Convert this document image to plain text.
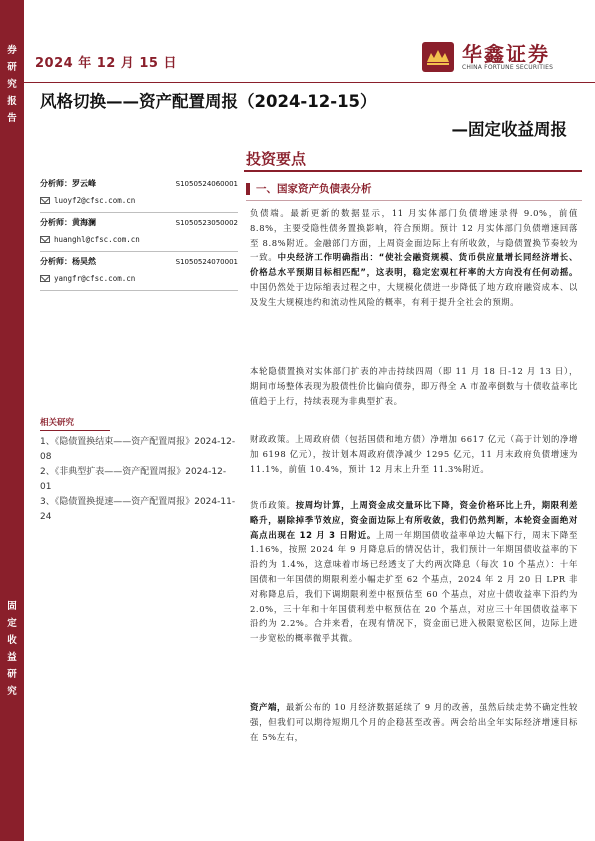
券
研
究
报
告
固
定
收
益
研
究
2024 年 12 月 15 日	华鑫证券
CHINA FORTUNE SECURITIES
风格切换——资产配置周报（2024-12-15）
—固定收益周报
投资要点
分析师：罗云峰	S1050524060001
luoyf2@cfsc.com.cn
分析师：黄海澜	S1050523050002
huanghl@cfsc.com.cn
分析师：杨昊然	S1050524070001
yangfr@cfsc.com.cn
相关研究
1、《隐债置换结束——资产配置周报》2024-12-08
2、《非典型扩表——资产配置周报》2024-12-01
3、《隐债置换提速——资产配置周报》2024-11-24
一、国家资产负债表分析

负债端。最新更新的数据显示，11 月实体部门负债增速录得 9.0%，前值 8.8%，主要受隐性债务置换影响，符合预期。预计 12 月实体部门负债增速回落至 8.8%附近。金融部门方面，上周资金面边际上有所收敛，与隐债置换节奏较为一致。中央经济工作明确指出：“使社会融资规模、货币供应量增长同经济增长、价格总水平预期目标相匹配”，这表明，稳定宏观杠杆率的大方向没有任何动摇。中国仍然处于边际缩表过程之中，大规模化债进一步降低了地方政府融资成本、以及发生大规模违约和流动性风险的概率，有利于提升全社会的预期。

本轮隐债置换对实体部门扩表的冲击持续四周（即 11 月 18 日-12 月 13 日），期间市场整体表现为股债性价比偏向债券，即万得全 A 市盈率倒数与十债收益率比值趋于上行，持续表现为非典型扩表。

财政政策。上周政府债（包括国债和地方债）净增加 6617 亿元（高于计划的净增加 6198 亿元），按计划本周政府债净减少 1295 亿元，11 月末政府负债增速为 11.1%，前值 10.4%，预计 12 月末上升至 11.3%附近。

货币政策。按周均计算，上周资金成交量环比下降，资金价格环比上升，期限利差略升，剔除掉季节效应，资金面边际上有所收敛，我们仍然判断，本轮资金面绝对高点出现在 12 月 3 日附近。上周一年期国债收益率单边大幅下行，周末下降至 1.16%，按照 2024 年 9 月降息后的情况估计，我们预计一年期国债收益率的下沿约为 1.4%，这意味着市场已经透支了大约两次降息（每次 10 个基点）：十年国债和一年国债的期限利差小幅走扩至 62 个基点，2024 年 2 月 20 日 LPR 非对称降息后，我们下调期限利差中枢预估至 60 个基点，对应十债收益率下沿约为 2.0%，三十年和十年国债利差中枢预估在 20 个基点，对应三十年国债收益率下沿约为 2.2%。合并来看，在现有情况下，资金面已进入极限宽松区间，边际上进一步宽松的概率微乎其微。

资产端，最新公布的 10 月经济数据延续了 9 月的改善，虽然后续走势不确定性较强，但我们可以期待短期几个月的企稳甚至改善。两会给出全年实际经济增速目标在 5%左右，
